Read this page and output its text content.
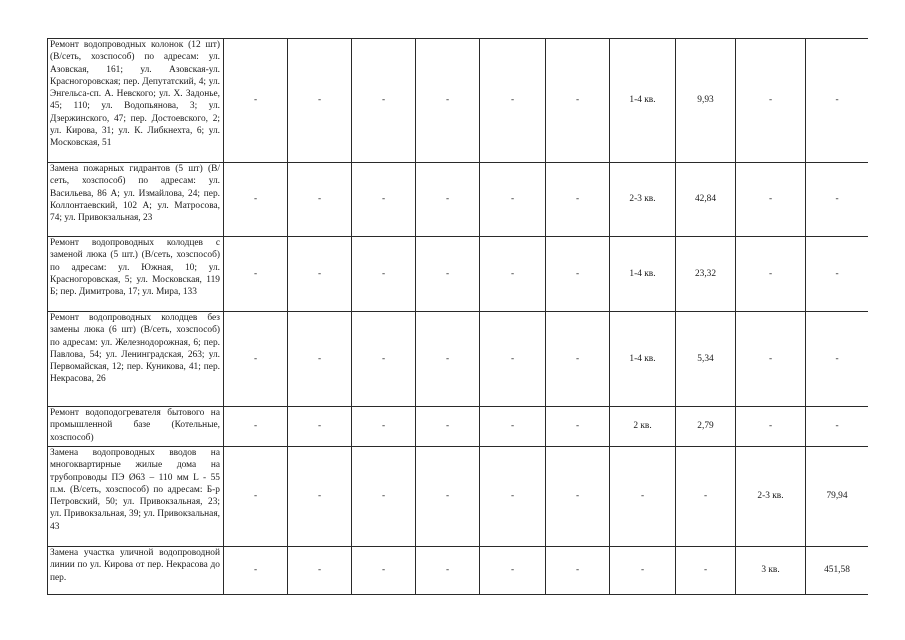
Ремонт водопроводных колонок (12 шт) (В/сеть, хозспособ) по адресам: ул. Азовская, 161; ул. Азовская-ул. Красногоровская; пер. Депутатский, 4; ул. Энгельса-сп. А. Невского; ул. Х. Задонье, 45; 110; ул. Водопьянова, 3; ул. Дзержинского, 47; пер. Достоевского, 2; ул. Кирова, 31; ул. К. Либкнехта, 6; ул. Московская, 51	-	-	-	-	-	-	1-4 кв.	9,93	-	-
Замена пожарных гидрантов (5 шт) (В/сеть, хозспособ) по адресам: ул. Васильева, 86 А; ул. Измайлова, 24; пер. Коллонтаевский, 102 А; ул. Матросова, 74; ул. Привокзальная, 23	-	-	-	-	-	-	2-3 кв.	42,84	-	-
Ремонт водопроводных колодцев с заменой люка (5 шт.) (В/сеть, хозспособ) по адресам: ул. Южная, 10; ул. Красногоровская, 5; ул. Московская, 119 Б; пер. Димитрова, 17; ул. Мира, 133	-	-	-	-	-	-	1-4 кв.	23,32	-	-
Ремонт водопроводных колодцев без замены люка (6 шт) (В/сеть, хозспособ) по адресам: ул. Железнодорожная, 6; пер. Павлова, 54; ул. Ленинградская, 263; ул. Первомайская, 12; пер. Куникова, 41; пер. Некрасова, 26	-	-	-	-	-	-	1-4 кв.	5,34	-	-
Ремонт водоподогревателя бытового на промышленной базе (Котельные, хозспособ)	-	-	-	-	-	-	2 кв.	2,79	-	-
Замена водопроводных вводов на многоквартирные жилые дома на трубопроводы ПЭ Ø63 – 110 мм L - 55 п.м. (В/сеть, хозспособ) по адресам: Б-р Петровский, 50; ул. Привокзальная, 23; ул. Привокзальная, 39; ул. Привокзальная, 43	-	-	-	-	-	-	-	-	2-3 кв.	79,94
Замена участка уличной водопроводной линии по ул. Кирова от пер. Некрасова до пер.	-	-	-	-	-	-	-	-	3 кв.	451,58
